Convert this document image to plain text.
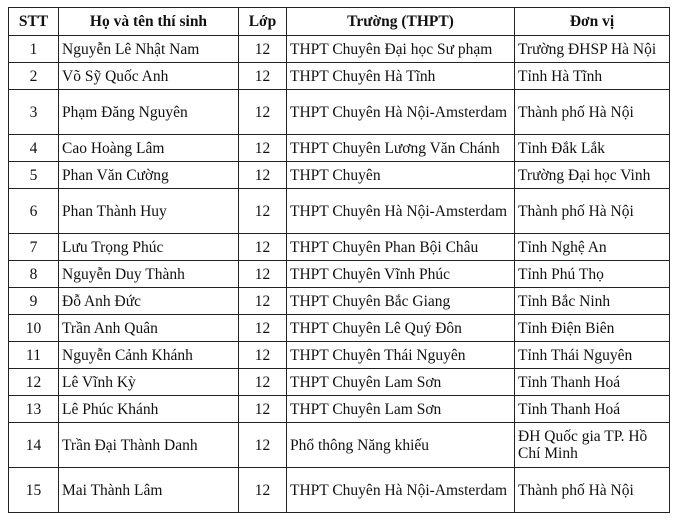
STT	Họ và tên thí sinh	Lớp	Trường (THPT)	Đơn vị
1	Nguyễn Lê Nhật Nam	12	THPT Chuyên Đại học Sư phạm	Trường ĐHSP Hà Nội
2	Võ Sỹ Quốc Anh	12	THPT Chuyên Hà Tĩnh	Tỉnh Hà Tĩnh
3	Phạm Đăng Nguyên	12	THPT Chuyên Hà Nội-Amsterdam	Thành phố Hà Nội
4	Cao Hoàng Lâm	12	THPT Chuyên Lương Văn Chánh	Tỉnh Đắk Lắk
5	Phan Văn Cường	12	THPT Chuyên	Trường Đại học Vinh
6	Phan Thành Huy	12	THPT Chuyên Hà Nội-Amsterdam	Thành phố Hà Nội
7	Lưu Trọng Phúc	12	THPT Chuyên Phan Bội Châu	Tỉnh Nghệ An
8	Nguyễn Duy Thành	12	THPT Chuyên Vĩnh Phúc	Tỉnh Phú Thọ
9	Đỗ Anh Đức	12	THPT Chuyên Bắc Giang	Tỉnh Bắc Ninh
10	Trần Anh Quân	12	THPT Chuyên Lê Quý Đôn	Tỉnh Điện Biên
11	Nguyễn Cảnh Khánh	12	THPT Chuyên Thái Nguyên	Tỉnh Thái Nguyên
12	Lê Vĩnh Kỳ	12	THPT Chuyên Lam Sơn	Tỉnh Thanh Hoá
13	Lê Phúc Khánh	12	THPT Chuyên Lam Sơn	Tỉnh Thanh Hoá
14	Trần Đại Thành Danh	12	Phổ thông Năng khiếu	ĐH Quốc gia TP. Hồ Chí Minh
15	Mai Thành Lâm	12	THPT Chuyên Hà Nội-Amsterdam	Thành phố Hà Nội
